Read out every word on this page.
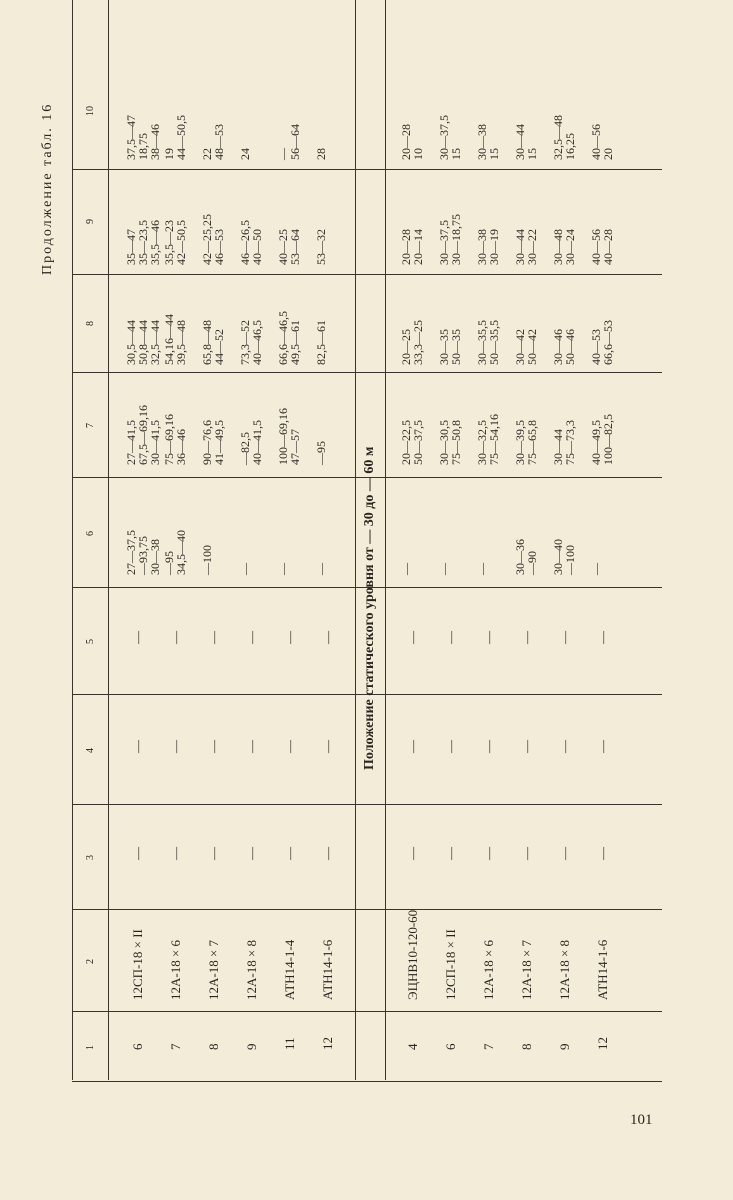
Продолжение табл. 16
101
1
2
3
4
5
6
7
8
9
10
Положение статического уровня от — 30 до — 60 м
6
12СП-18 × II
—
—
—
27—37,5
—93,75
30—38
27—41,5
67,5—69,16
30—41,5
30,5—44
50,8—44
32,5—44
35—47
35—23,5
35,5—46
37,5—47
18,75
38—46
7
12А-18 × 6
—
—
—
—95
34,5—40
75—69,16
36—46
54,16—44
39,5—48
35,5—23
42—50,5
19
44—50,5
8
12А-18 × 7
—
—
—
—100
90—76,6
41—49,5
65,8—48
44—52
42—25,25
46—53
22
48—53
9
12А-18 × 8
—
—
—
—
—82,5
40—41,5
73,3—52
40—46,5
46—26,5
40—50
24
11
АТН14-1-4
—
—
—
—
100—69,16
47—57
66,6—46,5
49,5—61
40—25
53—64
—
56—64
12
АТН14-1-6
—
—
—
—
—95
82,5—61
53—32
28
4
ЭЦНВ10-120-60
—
—
—
—
20—22,5
50—37,5
20—25
33,3—25
20—28
20—14
20—28
10
6
12СП-18 × II
—
—
—
—
30—30,5
75—50,8
30—35
50—35
30—37,5
30—18,75
30—37,5
15
7
12А-18 × 6
—
—
—
—
30—32,5
75—54,16
30—35,5
50—35,5
30—38
30—19
30—38
15
8
12А-18 × 7
—
—
—
30—36
—90
30—39,5
75—65,8
30—42
50—42
30—44
30—22
30—44
15
9
12А-18 × 8
—
—
—
30—40
—100
30—44
75—73,3
30—46
50—46
30—48
30—24
32,5—48
16,25
12
АТН14-1-6
—
—
—
—
40—49,5
100—82,5
40—53
66,6—53
40—56
40—28
40—56
20
